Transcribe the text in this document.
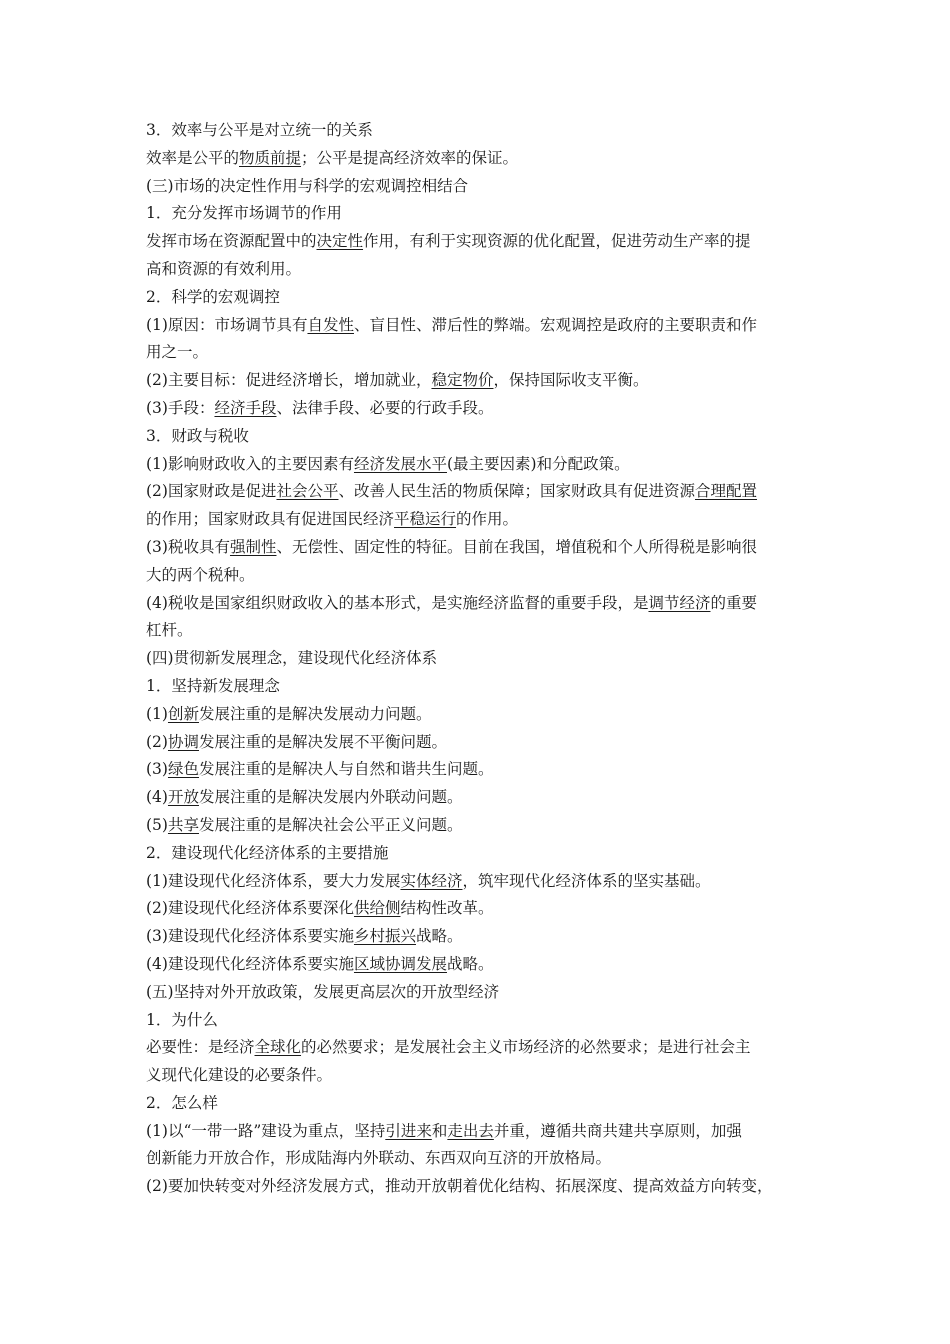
3．效率与公平是对立统一的关系
效率是公平的物质前提；公平是提高经济效率的保证。
(三)市场的决定性作用与科学的宏观调控相结合
1．充分发挥市场调节的作用
发挥市场在资源配置中的决定性作用，有利于实现资源的优化配置，促进劳动生产率的提
高和资源的有效利用。
2．科学的宏观调控
(1)原因：市场调节具有自发性、盲目性、滞后性的弊端。宏观调控是政府的主要职责和作
用之一。
(2)主要目标：促进经济增长，增加就业，稳定物价，保持国际收支平衡。
(3)手段：经济手段、法律手段、必要的行政手段。
3．财政与税收
(1)影响财政收入的主要因素有经济发展水平(最主要因素)和分配政策。
(2)国家财政是促进社会公平、改善人民生活的物质保障；国家财政具有促进资源合理配置
的作用；国家财政具有促进国民经济平稳运行的作用。
(3)税收具有强制性、无偿性、固定性的特征。目前在我国，增值税和个人所得税是影响很
大的两个税种。
(4)税收是国家组织财政收入的基本形式，是实施经济监督的重要手段，是调节经济的重要
杠杆。
(四)贯彻新发展理念，建设现代化经济体系
1．坚持新发展理念
(1)创新发展注重的是解决发展动力问题。
(2)协调发展注重的是解决发展不平衡问题。
(3)绿色发展注重的是解决人与自然和谐共生问题。
(4)开放发展注重的是解决发展内外联动问题。
(5)共享发展注重的是解决社会公平正义问题。
2．建设现代化经济体系的主要措施
(1)建设现代化经济体系，要大力发展实体经济，筑牢现代化经济体系的坚实基础。
(2)建设现代化经济体系要深化供给侧结构性改革。
(3)建设现代化经济体系要实施乡村振兴战略。
(4)建设现代化经济体系要实施区域协调发展战略。
(五)坚持对外开放政策，发展更高层次的开放型经济
1．为什么
必要性：是经济全球化的必然要求；是发展社会主义市场经济的必然要求；是进行社会主
义现代化建设的必要条件。
2．怎么样
(1)以“一带一路”建设为重点，坚持引进来和走出去并重，遵循共商共建共享原则，加强
创新能力开放合作，形成陆海内外联动、东西双向互济的开放格局。
(2)要加快转变对外经济发展方式，推动开放朝着优化结构、拓展深度、提高效益方向转变，
